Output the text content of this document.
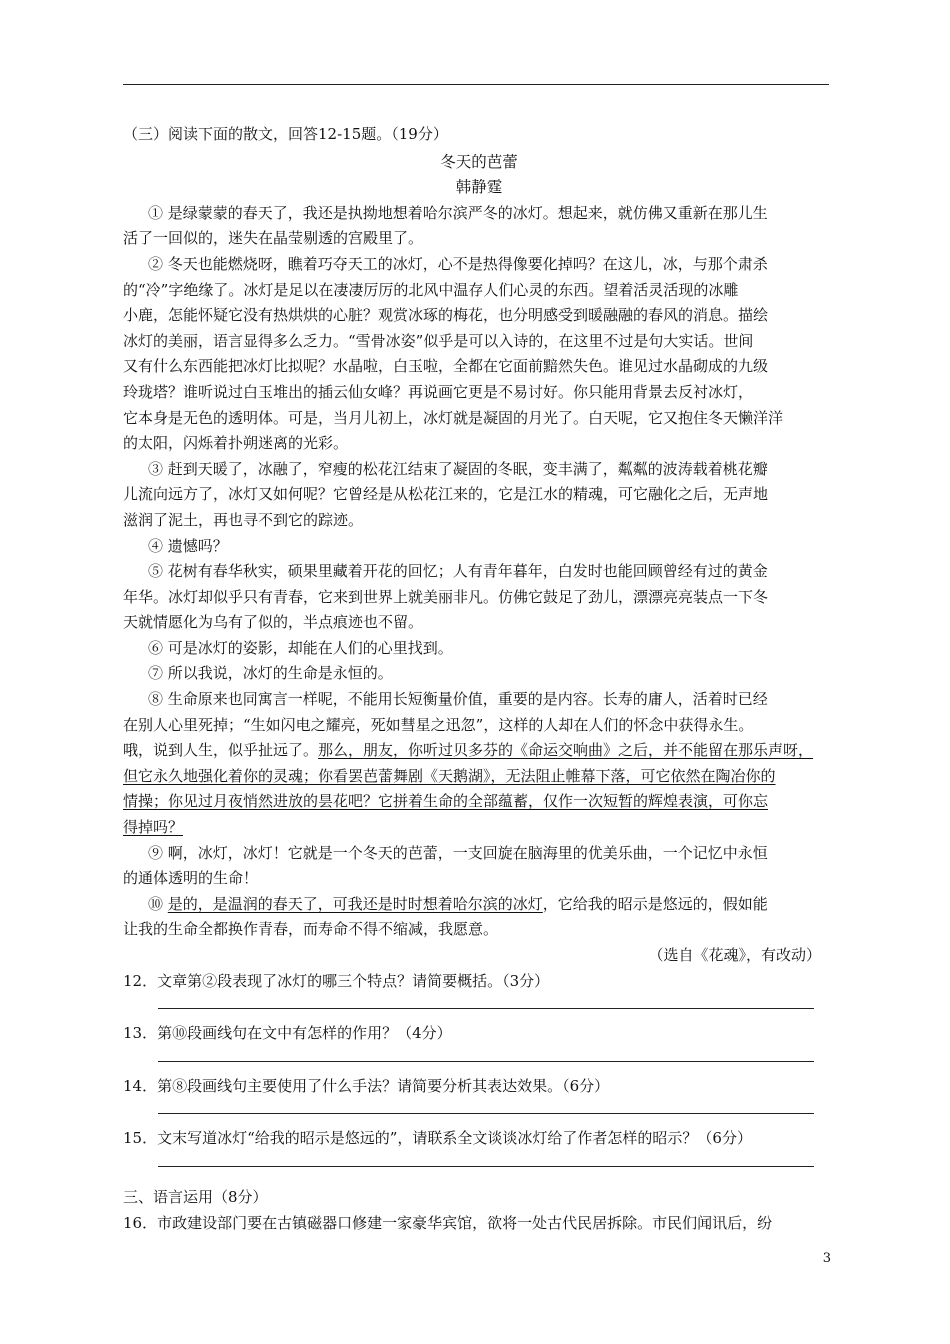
（三）阅读下面的散文，回答12-15题。（19分）
冬天的芭蕾
韩静霆
① 是绿蒙蒙的春天了，我还是执拗地想着哈尔滨严冬的冰灯。想起来，就仿佛又重新在那儿生
活了一回似的，迷失在晶莹剔透的宫殿里了。
② 冬天也能燃烧呀，瞧着巧夺天工的冰灯，心不是热得像要化掉吗？在这儿，冰，与那个肃杀
的“冷”字绝缘了。冰灯是足以在凄凄厉厉的北风中温存人们心灵的东西。望着活灵活现的冰雕
小鹿，怎能怀疑它没有热烘烘的心脏？观赏冰琢的梅花，也分明感受到暖融融的春风的消息。描绘
冰灯的美丽，语言显得多么乏力。“雪骨冰姿”似乎是可以入诗的，在这里不过是句大实话。世间
又有什么东西能把冰灯比拟呢？水晶啦，白玉啦，全都在它面前黯然失色。谁见过水晶砌成的九级
玲珑塔？谁听说过白玉堆出的插云仙女峰？再说画它更是不易讨好。你只能用背景去反衬冰灯，
它本身是无色的透明体。可是，当月儿初上，冰灯就是凝固的月光了。白天呢，它又抱住冬天懒洋洋
的太阳，闪烁着扑朔迷离的光彩。
③ 赶到天暖了，冰融了，窄瘦的松花江结束了凝固的冬眠，变丰满了，粼粼的波涛载着桃花瓣
儿流向远方了，冰灯又如何呢？它曾经是从松花江来的，它是江水的精魂，可它融化之后，无声地
滋润了泥土，再也寻不到它的踪迹。
④ 遗憾吗？
⑤ 花树有春华秋实，硕果里藏着开花的回忆；人有青年暮年，白发时也能回顾曾经有过的黄金
年华。冰灯却似乎只有青春，它来到世界上就美丽非凡。仿佛它鼓足了劲儿，漂漂亮亮装点一下冬
天就情愿化为乌有了似的，半点痕迹也不留。
⑥ 可是冰灯的姿影，却能在人们的心里找到。
⑦ 所以我说，冰灯的生命是永恒的。
⑧ 生命原来也同寓言一样呢，不能用长短衡量价值，重要的是内容。长寿的庸人，活着时已经
在别人心里死掉；“生如闪电之耀亮，死如彗星之迅忽”，这样的人却在人们的怀念中获得永生。
哦，说到人生，似乎扯远了。那么，朋友，你听过贝多芬的《命运交响曲》之后，并不能留在那乐声呀，
但它永久地强化着你的灵魂；你看罢芭蕾舞剧《天鹅湖》，无法阻止帷幕下落，可它依然在陶冶你的
情操；你见过月夜悄然进放的昙花吧？它拼着生命的全部蕴蓄，仅作一次短暂的辉煌表演，可你忘
得掉吗？
⑨ 啊，冰灯，冰灯！它就是一个冬天的芭蕾，一支回旋在脑海里的优美乐曲，一个记忆中永恒
的通体透明的生命！
⑩ 是的，是温润的春天了，可我还是时时想着哈尔滨的冰灯，它给我的昭示是悠远的，假如能
让我的生命全都换作青春，而寿命不得不缩减，我愿意。
（选自《花魂》，有改动）
12．文章第②段表现了冰灯的哪三个特点？请简要概括。（3分）
13．第⑩段画线句在文中有怎样的作用？（4分）
14．第⑧段画线句主要使用了什么手法？请简要分析其表达效果。（6分）
15．文末写道冰灯“给我的昭示是悠远的”，请联系全文谈谈冰灯给了作者怎样的昭示？（6分）
三、语言运用（8分）
16．市政建设部门要在古镇磁器口修建一家豪华宾馆，欲将一处古代民居拆除。市民们闻讯后，纷
3
